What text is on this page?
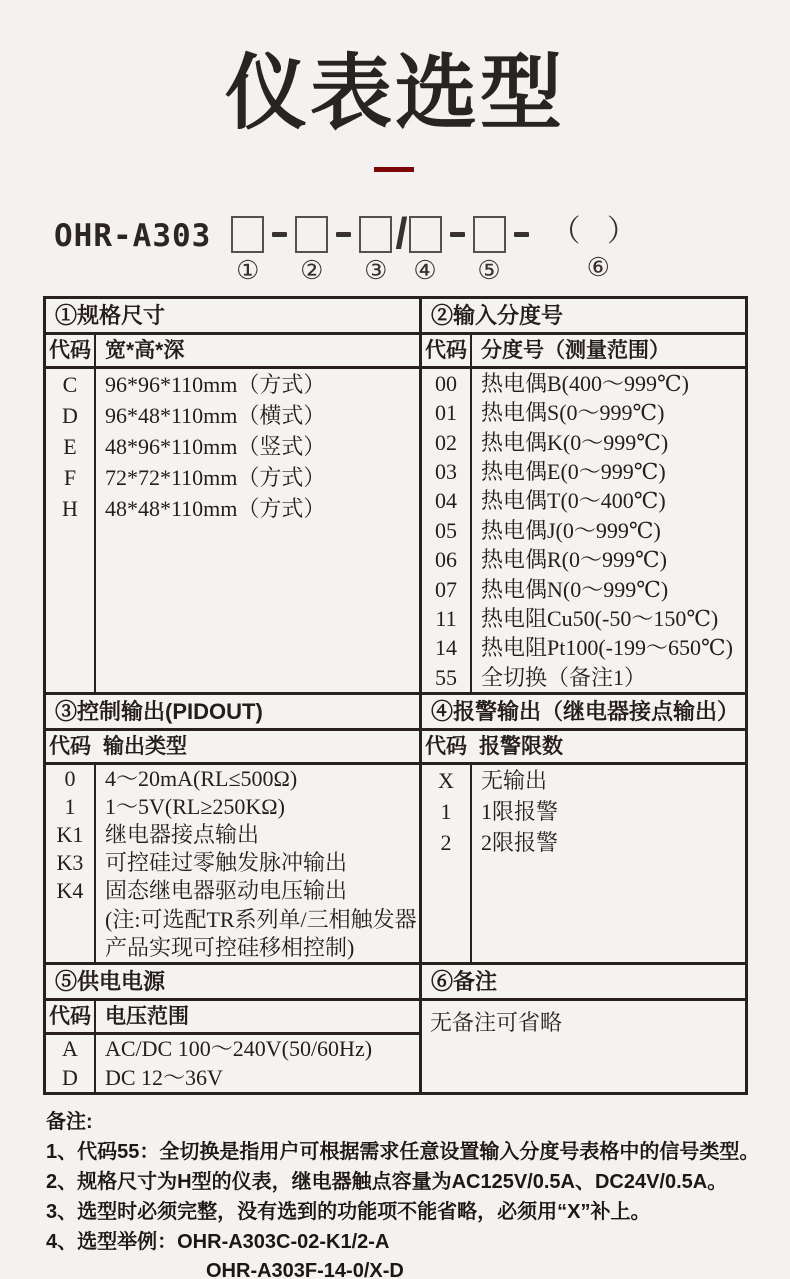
仪表选型
OHR-A303
① ② ③
/
④ ⑤
（ ）
⑥
①规格尺寸
代码 宽*高*深
C
D
E
F
H
96*96*110mm（方式）
96*48*110mm（横式）
48*96*110mm（竖式）
72*72*110mm（方式）
48*48*110mm（方式）
②输入分度号
代码 分度号（测量范围）
00
01
02
03
04
05
06
07
11
14
55
热电偶B(400～999℃)
热电偶S(0～999℃)
热电偶K(0～999℃)
热电偶E(0～999℃)
热电偶T(0～400℃)
热电偶J(0～999℃)
热电偶R(0～999℃)
热电偶N(0～999℃)
热电阻Cu50(-50～150℃)
热电阻Pt100(-199～650℃)
全切换（备注1）
③控制输出(PIDOUT)
代码 输出类型
0
1
K1
K3
K4
4～20mA(RL≤500Ω)
1～5V(RL≥250KΩ)
继电器接点输出
可控硅过零触发脉冲输出
固态继电器驱动电压输出
(注:可选配TR系列单/三相触发器
产品实现可控硅移相控制)
④报警输出（继电器接点输出）
代码 报警限数
X
1
2
无输出
1限报警
2限报警
⑤供电电源
代码 电压范围
A
D
AC/DC 100～240V(50/60Hz)
DC 12～36V
⑥备注
无备注可省略
备注:
1、代码55：全切换是指用户可根据需求任意设置输入分度号表格中的信号类型。
2、规格尺寸为H型的仪表，继电器触点容量为AC125V/0.5A、DC24V/0.5A。
3、选型时必须完整，没有选到的功能项不能省略，必须用“X”补上。
4、选型举例：OHR-A303C-02-K1/2-A
OHR-A303F-14-0/X-D
